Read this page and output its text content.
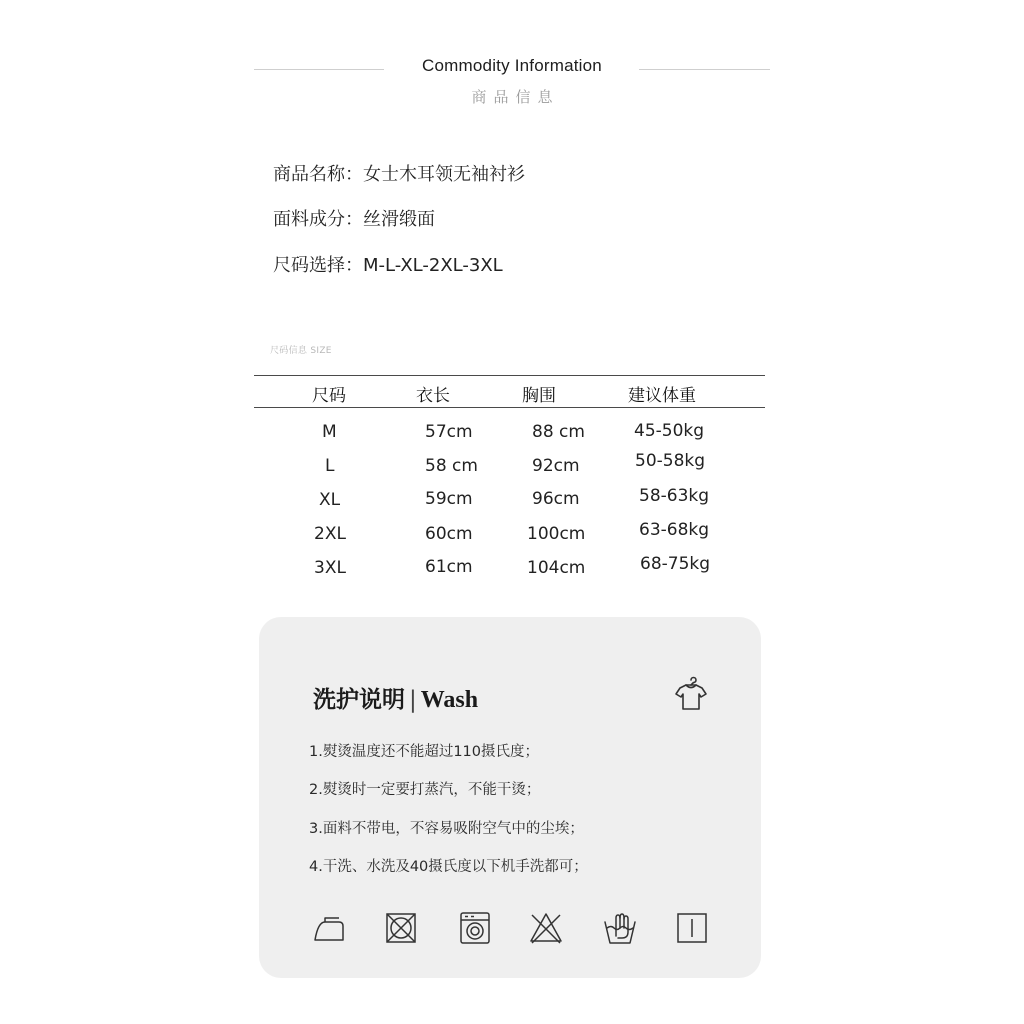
Commodity Information
商品信息
商品名称：女士木耳领无袖衬衫
面料成分：丝滑缎面
尺码选择：M-L-XL-2XL-3XL
尺码信息 SIZE
尺码	衣长	胸围	建议体重
M	57cm	88 cm	45-50kg
L	58 cm	92cm	50-58kg
XL	59cm	96cm	58-63kg
2XL	60cm	100cm	63-68kg
3XL	61cm	104cm	68-75kg
洗护说明 | Wash
1.熨烫温度还不能超过110摄氏度；
2.熨烫时一定要打蒸汽，不能干烫；
3.面料不带电，不容易吸附空气中的尘埃；
4.干洗、水洗及40摄氏度以下机手洗都可；
